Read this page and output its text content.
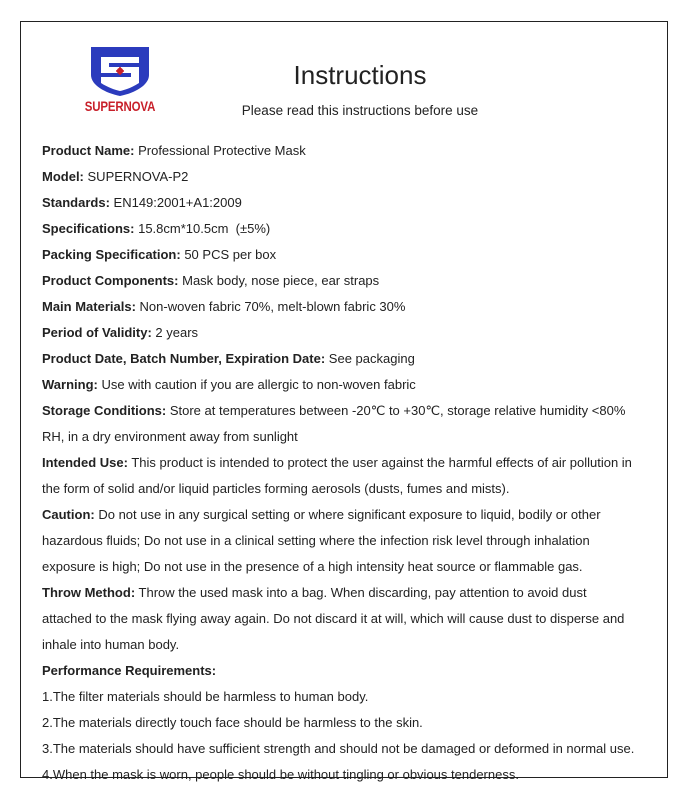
SUPERNOVA
Instructions
Please read this instructions before use
Product Name: Professional Protective Mask
Model: SUPERNOVA-P2
Standards: EN149:2001+A1:2009
Specifications: 15.8cm*10.5cm  (±5%)
Packing Specification: 50 PCS per box
Product Components: Mask body, nose piece, ear straps
Main Materials: Non-woven fabric 70%, melt-blown fabric 30%
Period of Validity: 2 years
Product Date, Batch Number, Expiration Date: See packaging
Warning: Use with caution if you are allergic to non-woven fabric
Storage Conditions: Store at temperatures between -20℃ to +30℃, storage relative humidity <80%
RH, in a dry environment away from sunlight
Intended Use: This product is intended to protect the user against the harmful effects of air pollution in
the form of solid and/or liquid particles forming aerosols (dusts, fumes and mists).
Caution: Do not use in any surgical setting or where significant exposure to liquid, bodily or other
hazardous fluids; Do not use in a clinical setting where the infection risk level through inhalation
exposure is high; Do not use in the presence of a high intensity heat source or flammable gas.
Throw Method: Throw the used mask into a bag. When discarding, pay attention to avoid dust
attached to the mask flying away again. Do not discard it at will, which will cause dust to disperse and
inhale into human body.
Performance Requirements:
1.The filter materials should be harmless to human body.
2.The materials directly touch face should be harmless to the skin.
3.The materials should have sufficient strength and should not be damaged or deformed in normal use.
4.When the mask is worn, people should be without tingling or obvious tenderness.
